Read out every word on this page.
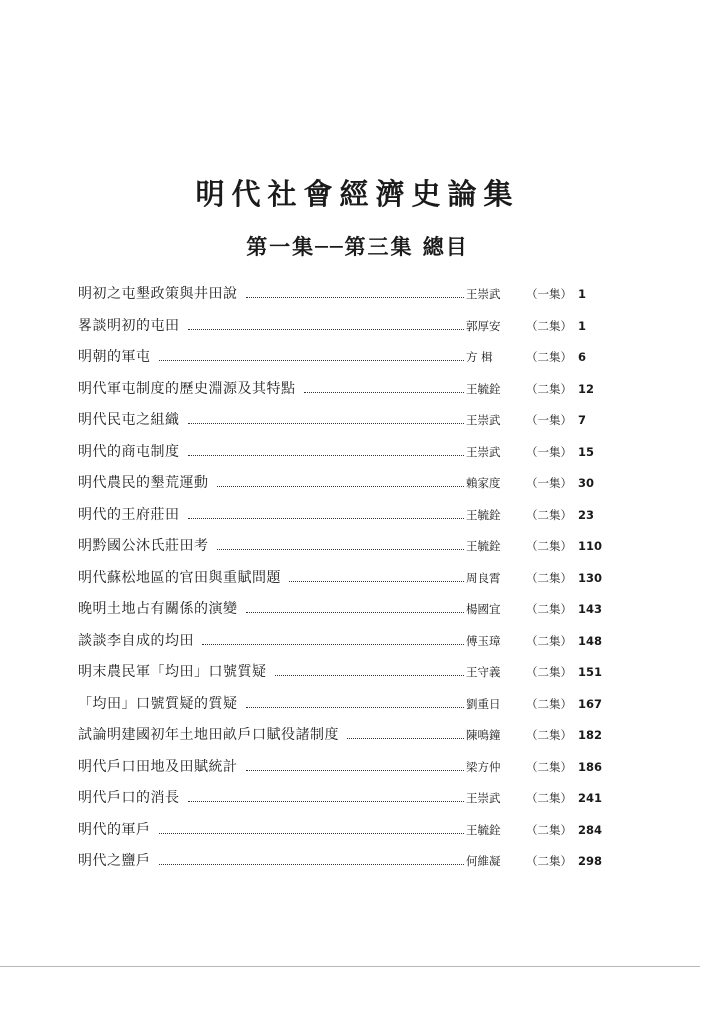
明代社會經濟史論集
第一集──第三集 總目
明初之屯墾政策與井田說	王崇武	（一集） 1
畧談明初的屯田	郭厚安	（二集） 1
明朝的軍屯	方 楫	（二集） 6
明代軍屯制度的歷史淵源及其特點	王毓銓	（二集） 12
明代民屯之組織	王崇武	（一集） 7
明代的商屯制度	王崇武	（一集） 15
明代農民的墾荒運動	賴家度	（一集） 30
明代的王府莊田	王毓銓	（二集） 23
明黔國公沐氏莊田考	王毓銓	（二集） 110
明代蘇松地區的官田與重賦問題	周良霄	（二集） 130
晚明土地占有關係的演變	楊國宜	（二集） 143
談談李自成的均田	傅玉璋	（二集） 148
明末農民軍「均田」口號質疑	王守義	（二集） 151
「均田」口號質疑的質疑	劉重日	（二集） 167
試論明建國初年土地田畝戶口賦役諸制度	陳鳴鐘	（二集） 182
明代戶口田地及田賦統計	梁方仲	（二集） 186
明代戶口的消長	王崇武	（二集） 241
明代的軍戶	王毓銓	（二集） 284
明代之鹽戶	何維凝	（二集） 298
